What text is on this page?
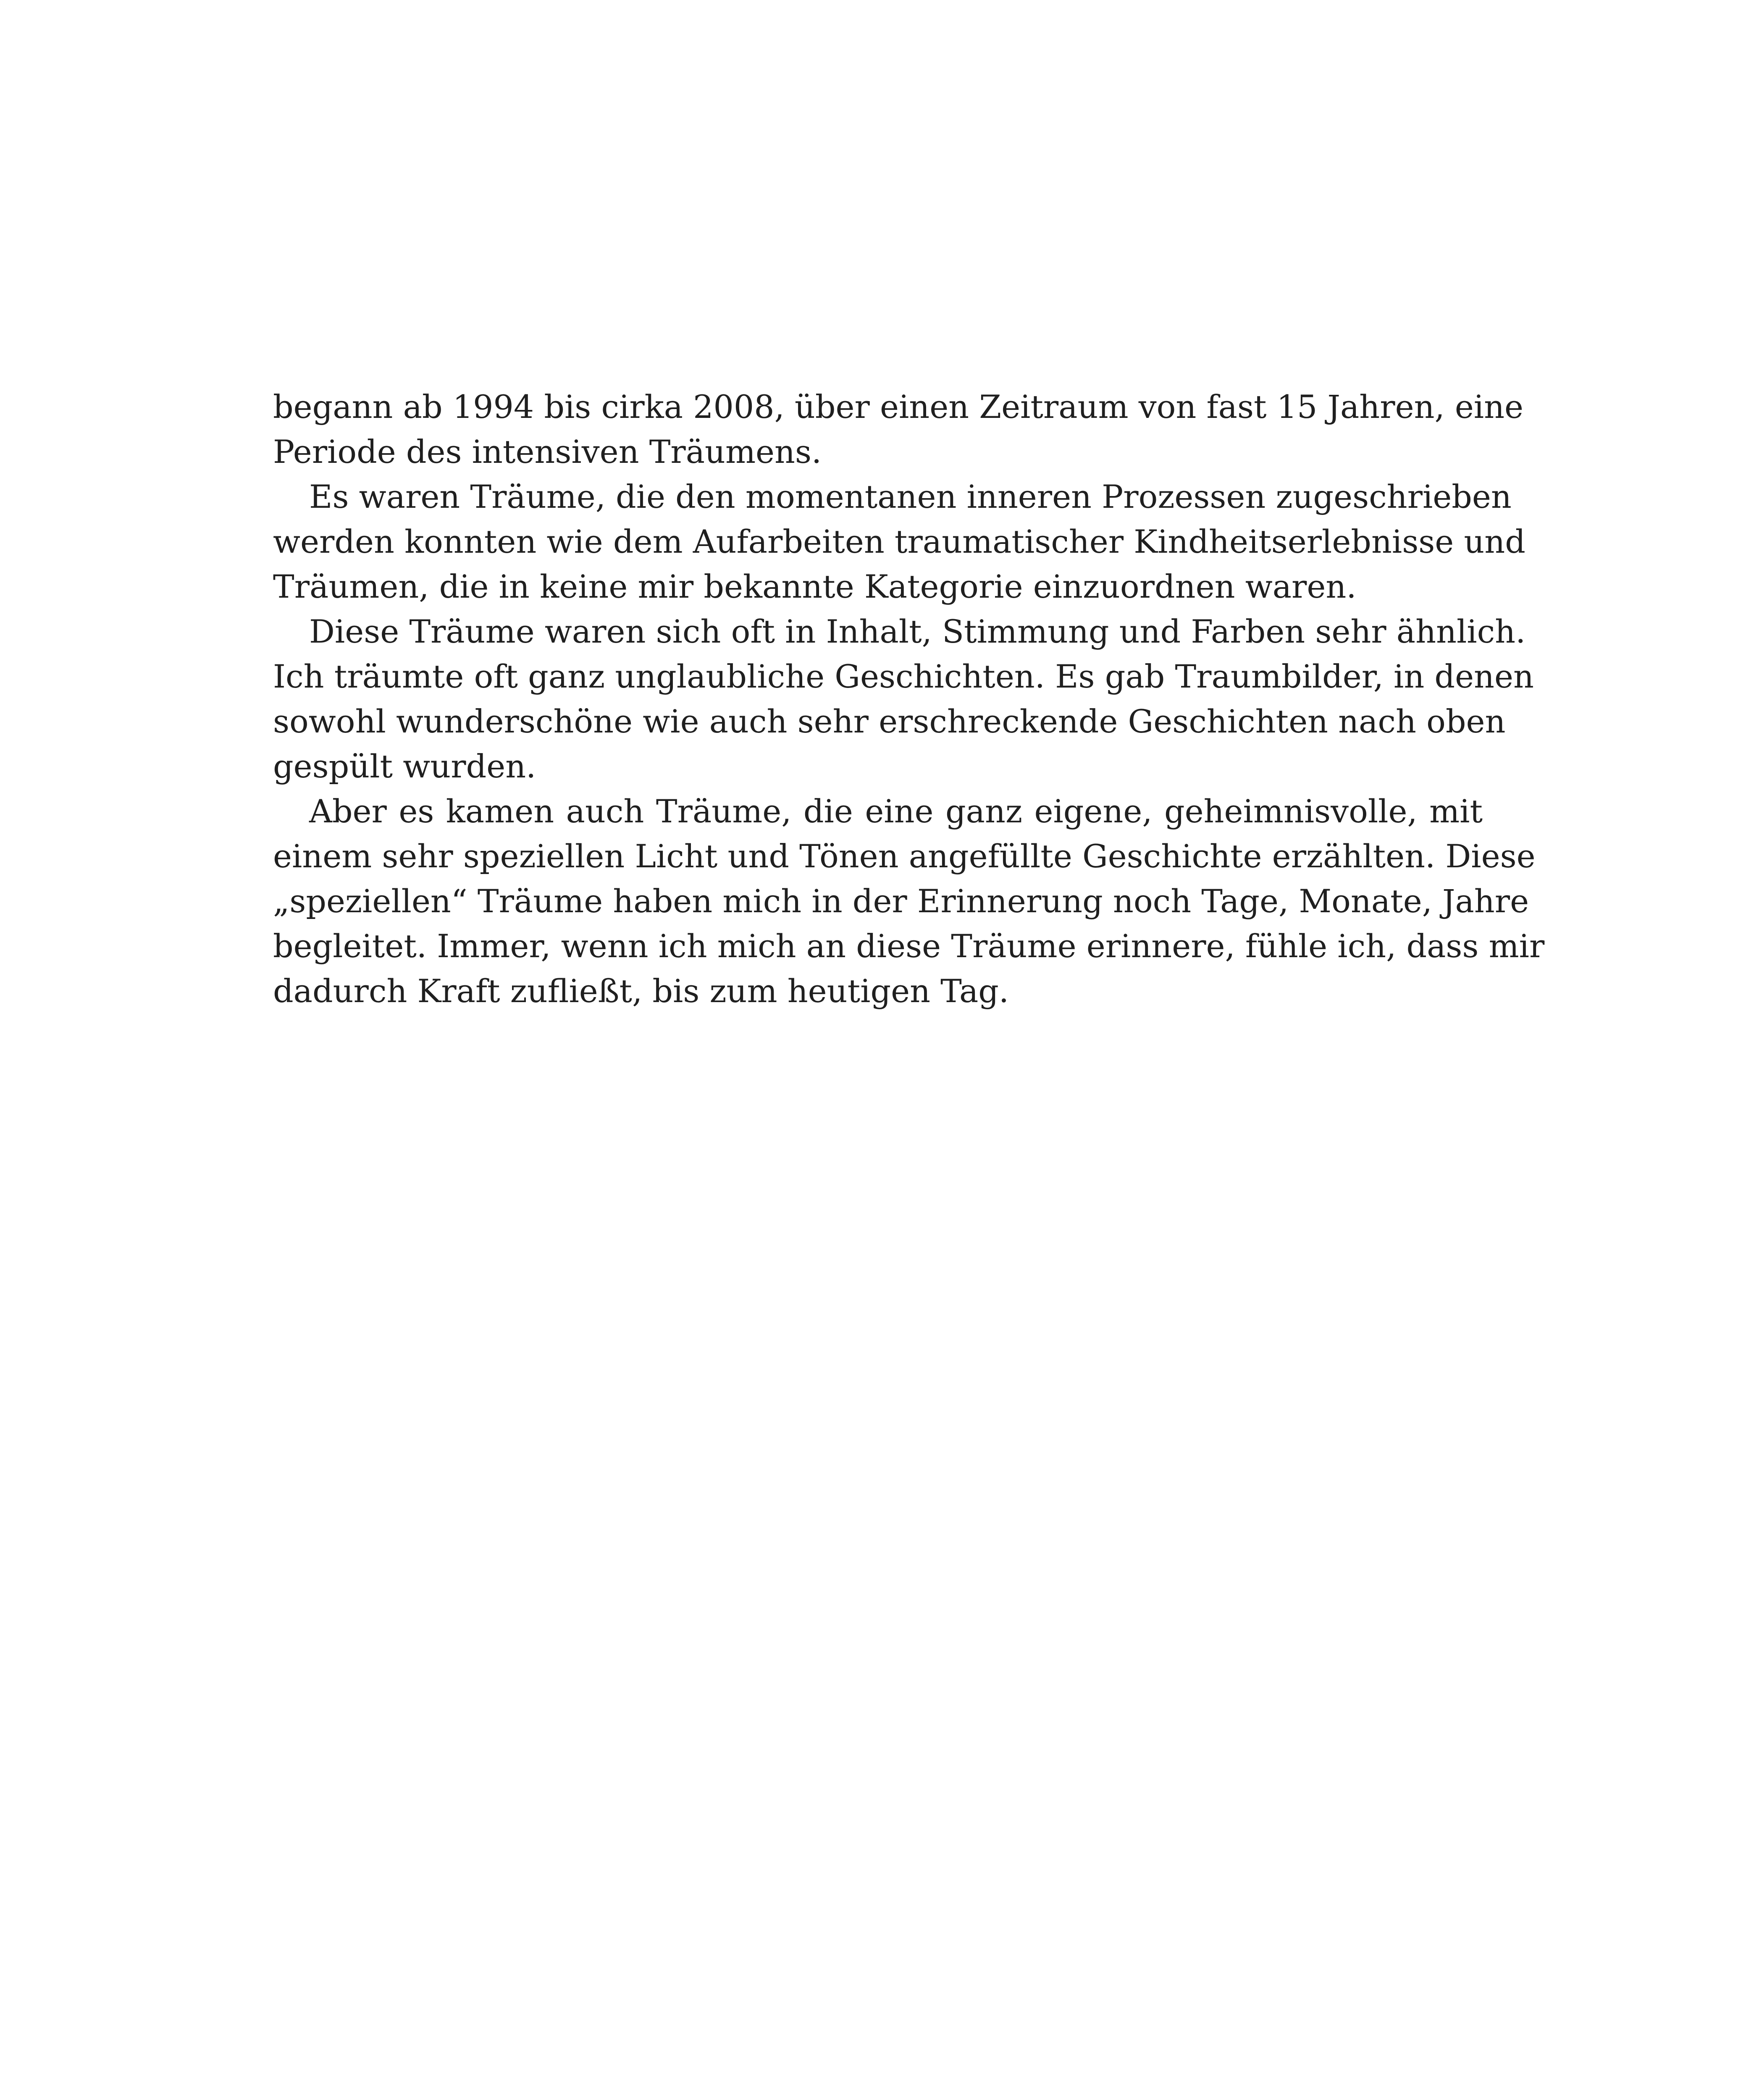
begann ab 1994 bis cirka 2008, über einen Zeitraum von fast 15 Jahren, eine
Periode des intensiven Träumens.
Es waren Träume, die den momentanen inneren Prozessen zugeschrieben
werden konnten wie dem Aufarbeiten traumatischer Kindheitserlebnisse und
Träumen, die in keine mir bekannte Kategorie einzuordnen waren.
Diese Träume waren sich oft in Inhalt, Stimmung und Farben sehr ähnlich.
Ich träumte oft ganz unglaubliche Geschichten. Es gab Traumbilder, in denen
sowohl wunderschöne wie auch sehr erschreckende Geschichten nach oben
gespült wurden.
Aber es kamen auch Träume, die eine ganz eigene, geheimnisvolle, mit
einem sehr speziellen Licht und Tönen angefüllte Geschichte erzählten. Diese
„speziellen“ Träume haben mich in der Erinnerung noch Tage, Monate, Jahre
begleitet. Immer, wenn ich mich an diese Träume erinnere, fühle ich, dass mir
dadurch Kraft zufließt, bis zum heutigen Tag.
